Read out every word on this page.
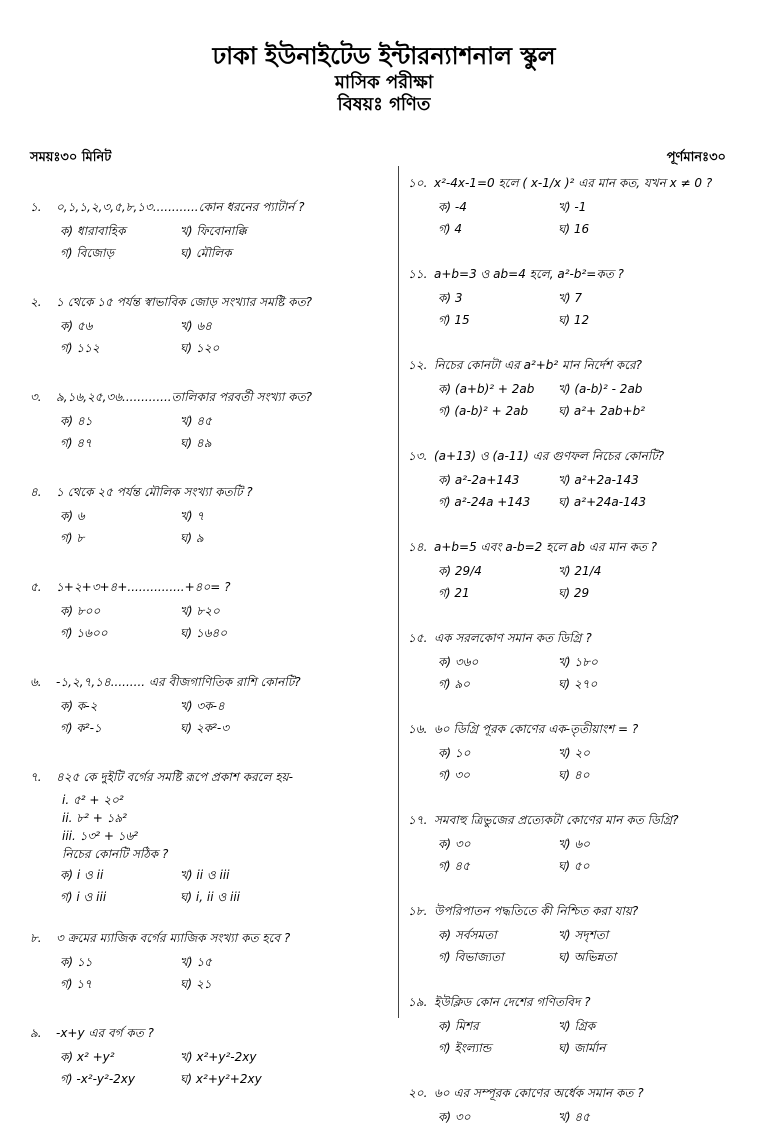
ঢাকা ইউনাইটেড ইন্টারন্যাশনাল স্কুল
মাসিক পরীক্ষা
বিষয়ঃ গণিত
সময়ঃ৩০ মিনিট	পূর্ণমানঃ৩০
১. ০,১,১,২,৩,৫,৮,১৩............কোন ধরনের প্যাটার্ন ?
ক) ধারাবাহিক	খ) ফিবোনাক্কি
গ) বিজোড়	ঘ) মৌলিক
২. ১ থেকে ১৫ পর্যন্ত স্বাভাবিক জোড় সংখ্যার সমষ্টি কত?
ক) ৫৬	খ) ৬৪
গ) ১১২	ঘ) ১২০
৩. ৯,১৬,২৫,৩৬.............তালিকার পরবর্তী সংখ্যা কত?
ক) ৪১	খ) ৪৫
গ) ৪৭	ঘ) ৪৯
৪. ১ থেকে ২৫ পর্যন্ত মৌলিক সংখ্যা কতটি ?
ক) ৬	খ) ৭
গ) ৮	ঘ) ৯
৫. ১+২+৩+৪+...............+৪০= ?
ক) ৮০০	খ) ৮২০
গ) ১৬০০	ঘ) ১৬৪০
৬. -১,২,৭,১৪......... এর বীজগাণিতিক রাশি কোনটি?
ক) ক-২	খ) ৩ক-৪
গ) ক²-১	ঘ) ২ক²-৩
৭. ৪২৫ কে দুইটি বর্গের সমষ্টি রূপে প্রকাশ করলে হয়-
i. ৫² + ২০²
ii. ৮² + ১৯²
iii. ১৩² + ১৬²
নিচের কোনটি সঠিক ?
ক) i ও ii	খ) ii ও iii
গ) i ও iii	ঘ) i, ii ও iii
৮. ৩ ক্রমের ম্যাজিক বর্গের ম্যাজিক সংখ্যা কত হবে ?
ক) ১১	খ) ১৫
গ) ১৭	ঘ) ২১
৯. -x+y এর বর্গ কত ?
ক) x² +y²	খ) x²+y²-2xy
গ) -x²-y²-2xy	ঘ) x²+y²+2xy
১০. x²-4x-1=0 হলে ( x-1/x )² এর মান কত, যখন x ≠ 0 ?
ক) -4	খ) -1
গ) 4	ঘ) 16
১১. a+b=3 ও ab=4 হলে, a²-b²=কত ?
ক) 3	খ) 7
গ) 15	ঘ) 12
১২. নিচের কোনটা এর a²+b² মান নির্দেশ করে?
ক) (a+b)² + 2ab	খ) (a-b)² - 2ab
গ) (a-b)² + 2ab	ঘ) a²+ 2ab+b²
১৩. (a+13) ও (a-11) এর গুণফল নিচের কোনটি?
ক) a²-2a+143	খ) a²+2a-143
গ) a²-24a +143	ঘ) a²+24a-143
১৪. a+b=5 এবং a-b=2 হলে ab এর মান কত ?
ক) 29/4	খ) 21/4
গ) 21	ঘ) 29
১৫. এক সরলকোণ সমান কত ডিগ্রি ?
ক) ৩৬০	খ) ১৮০
গ) ৯০	ঘ) ২৭০
১৬. ৬০ ডিগ্রি পূরক কোণের এক-তৃতীয়াংশ = ?
ক) ১০	খ) ২০
গ) ৩০	ঘ) ৪০
১৭. সমবাহু ত্রিভুজের প্রত্যেকটা কোণের মান কত ডিগ্রি?
ক) ৩০	খ) ৬০
গ) ৪৫	ঘ) ৫০
১৮. উপরিপাতন পদ্ধতিতে কী নিশ্চিত করা যায়?
ক) সর্বসমতা	খ) সদৃশতা
গ) বিভাজ্যতা	ঘ) অভিন্নতা
১৯. ইউক্লিড কোন দেশের গণিতবিদ ?
ক) মিশর	খ) গ্রিক
গ) ইংল্যান্ড	ঘ) জার্মান
২০. ৬০ এর সম্পূরক কোণের অর্ধেক সমান কত ?
ক) ৩০	খ) ৪৫
